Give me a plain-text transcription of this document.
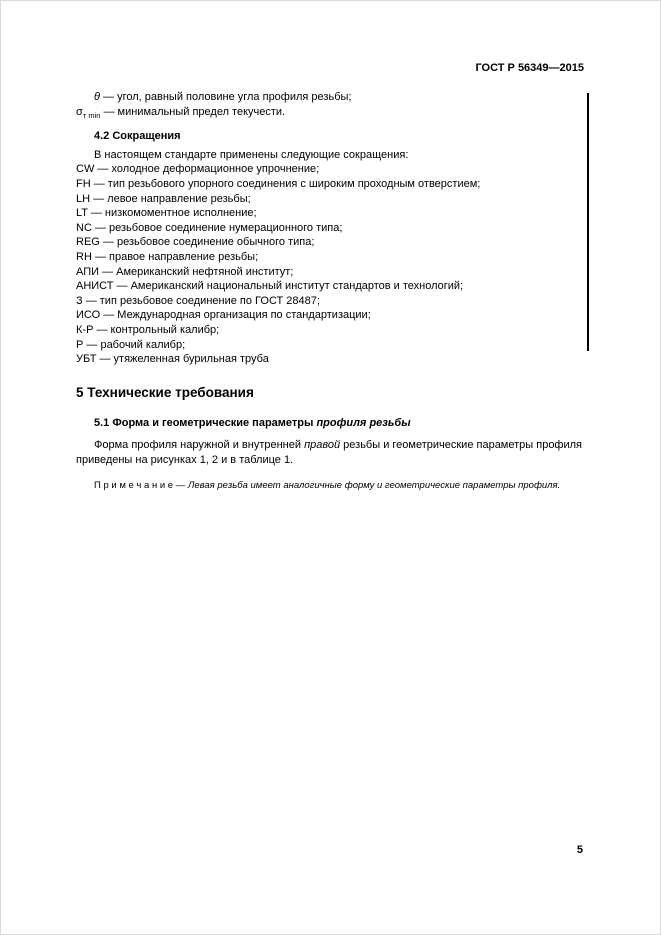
ГОСТ Р 56349—2015

θ — угол, равный половине угла профиля резьбы;

$\sigma_{т min}$ — минимальный предел текучести.

4.2 Сокращения

В настоящем стандарте применены следующие сокращения:

CW — холодное деформационное упрочнение;

FH — тип резьбового упорного соединения с широким проходным отверстием;

LH — левое направление резьбы;

LT — низкомоментное исполнение;

NC — резьбовое соединение нумерационного типа;

REG — резьбовое соединение обычного типа;

RH — правое направление резьбы;

АПИ — Американский нефтяной институт;

АНИСТ — Американский национальный институт стандартов и технологий;

З — тип резьбовое соединение по ГОСТ 28487;

ИСО — Международная организация по стандартизации;

К-Р — контрольный калибр;

Р — рабочий калибр;

УБТ — утяжеленная бурильная труба

5 Технические требования

5.1 Форма и геометрические параметры профиля резьбы

Форма профиля наружной и внутренней правой резьбы и геометрические параметры профиля приведены на рисунках 1, 2 и в таблице 1.

П р и м е ч а н и е — Левая резьба имеет аналогичные форму и геометрические параметры профиля.

5
